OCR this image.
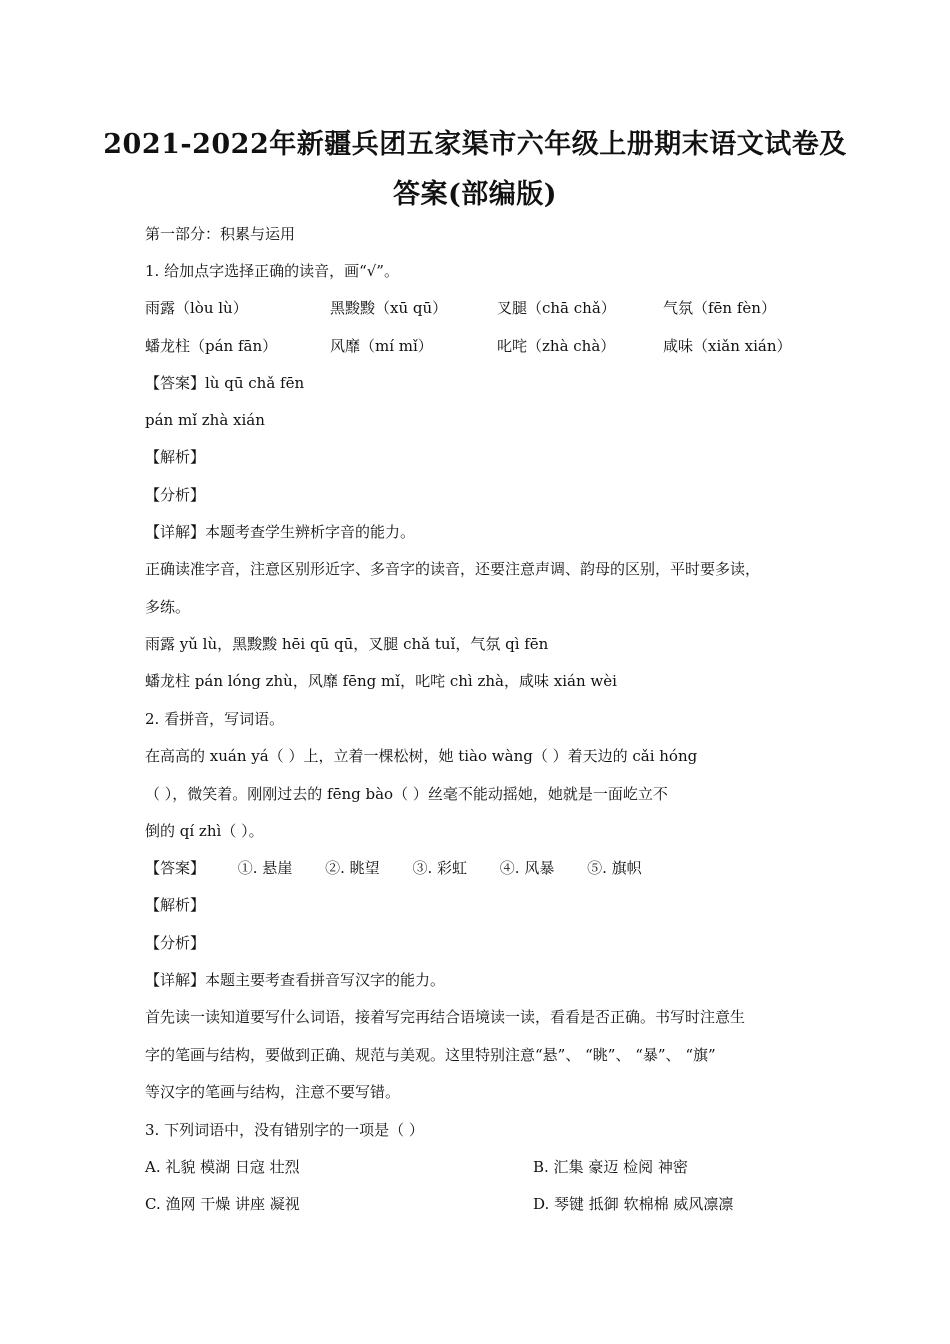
2021-2022年新疆兵团五家渠市六年级上册期末语文试卷及
答案(部编版)
第一部分：积累与运用
1. 给加点字选择正确的读音，画“√”。
雨露（lòu lù）	黑黢黢（xū qū）	叉腿（chā chǎ）	气氛（fēn fèn）
蟠龙柱（pán fān）	风靡（mí mǐ）	叱咤（zhà chà）	咸味（xiǎn xián）
【答案】lù qū chǎ fēn
pán mǐ zhà xián
【解析】
【分析】
【详解】本题考查学生辨析字音的能力。
正确读准字音，注意区别形近字、多音字的读音，还要注意声调、韵母的区别，平时要多读，
多练。
雨露 yǔ lù，黑黢黢 hēi qū qū，叉腿 chǎ tuǐ，气氛 qì fēn
蟠龙柱 pán lóng zhù，风靡 fēng mǐ，叱咤 chì zhà，咸味 xián wèi
2. 看拼音，写词语。
在高高的 xuán yá（ ）上，立着一棵松树，她 tiào wàng（ ）着天边的 cǎi hóng
（ ），微笑着。刚刚过去的 fēng bào（ ）丝毫不能动摇她，她就是一面屹立不
倒的 qí zhì（ ）。
【答案】 ①. 悬崖 ②. 眺望 ③. 彩虹 ④. 风暴 ⑤. 旗帜
【解析】
【分析】
【详解】本题主要考查看拼音写汉字的能力。
首先读一读知道要写什么词语，接着写完再结合语境读一读，看看是否正确。书写时注意生
字的笔画与结构，要做到正确、规范与美观。这里特别注意“悬”、 “眺”、 “暴”、 “旗”
等汉字的笔画与结构，注意不要写错。
3. 下列词语中，没有错别字的一项是（ ）
A. 礼貌 模湖 日寇 壮烈	B. 汇集 豪迈 检阅 神密
C. 渔网 干燥 讲座 凝视	D. 琴键 抵御 软棉棉 威风凛凛
